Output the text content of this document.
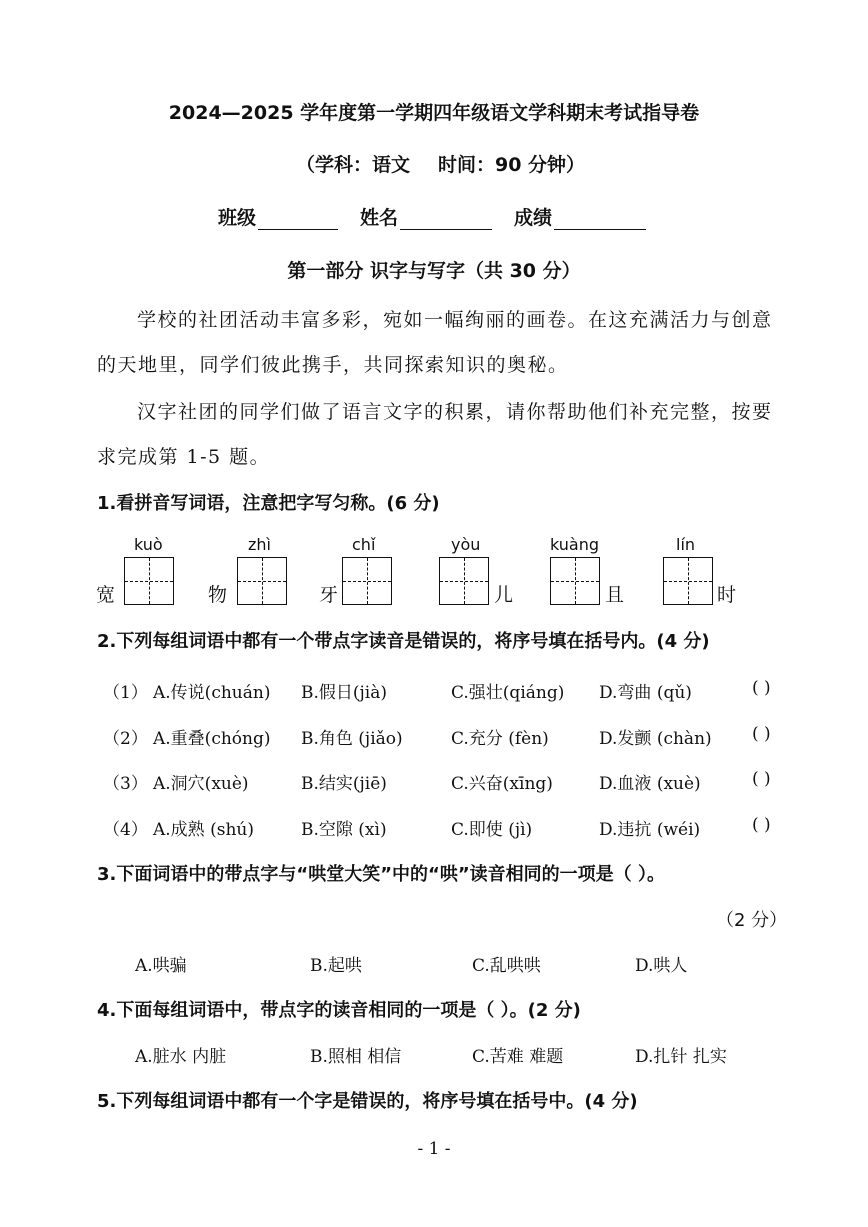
2024—2025 学年度第一学期四年级语文学科期末考试指导卷
（学科：语文 时间：90 分钟）
班级	姓名	成绩
第一部分 识字与写字（共 30 分）
学校的社团活动丰富多彩，宛如一幅绚丽的画卷。在这充满活力与创意
的天地里，同学们彼此携手，共同探索知识的奥秘。
汉字社团的同学们做了语言文字的积累，请你帮助他们补充完整，按要
求完成第 1-5 题。
1.看拼音写词语，注意把字写匀称。(6 分)
kuò
宽
zhì
物
chǐ
牙
yòu
儿
kuàng
且
lín
时
2.下列每组词语中都有一个带点字读音是错误的，将序号填在括号内。(4 分)
（1） A.传说(chuán) B.假日(jià)	C.强壮(qiáng) D.弯曲 (qǔ)	( )
（2） A.重叠(chóng) B.角色 (jiǎo)	C.充分 (fèn)	D.发颤 (chàn) ( )
（3） A.洞穴(xuè)	B.结实(jiē)	C.兴奋(xīng)	D.血液 (xuè)	( )
（4） A.成熟 (shú)	B.空隙 (xì)	C.即使 (jì)	D.违抗 (wéi)	( )
3.下面词语中的带点字与“哄堂大笑”中的“哄”读音相同的一项是（ ）。
（2 分）
A.哄骗	B.起哄	C.乱哄哄	D.哄人
4.下面每组词语中，带点字的读音相同的一项是（ ）。(2 分)
A.脏水 内脏	B.照相 相信	C.苦难 难题	D.扎针 扎实
5.下列每组词语中都有一个字是错误的，将序号填在括号中。(4 分)
- 1 -
